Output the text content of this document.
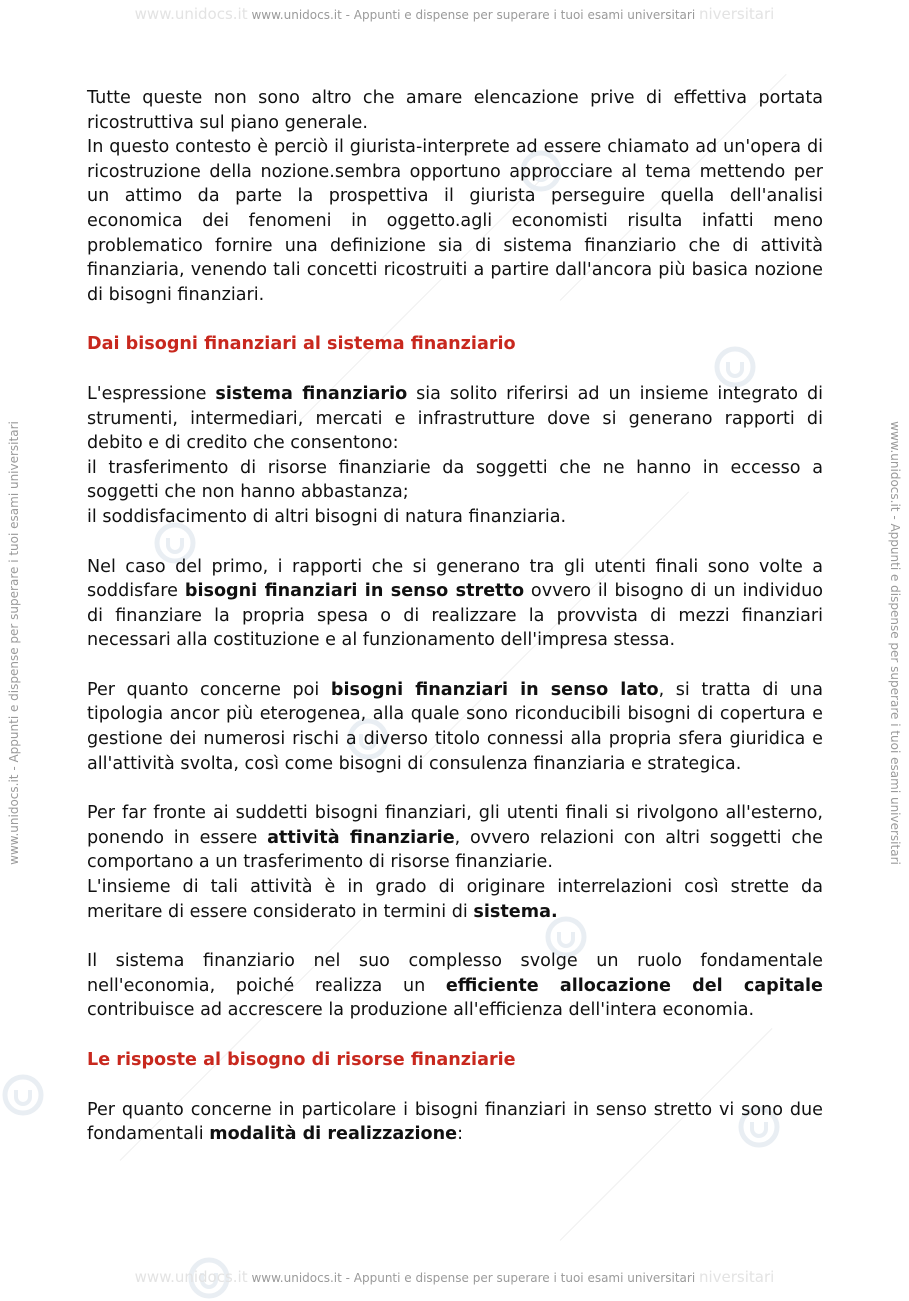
www.unidocs.it www.unidocs.it - Appunti e dispense per superare i tuoi esami universitari niversitari
www.unidocs.it www.unidocs.it - Appunti e dispense per superare i tuoi esami universitari niversitari
www.unidocs.it - Appunti e dispense per superare i tuoi esami universitari	www.unidocs.it - Appunti e dispense per superare i tuoi esami universitari

Tutte queste non sono altro che amare elencazione prive di effettiva portata ricostruttiva sul piano generale.

In questo contesto è perciò il giurista-interprete ad essere chiamato ad un'opera di ricostruzione della nozione.sembra opportuno approcciare al tema mettendo per un attimo da parte la prospettiva il giurista perseguire quella dell'analisi economica dei fenomeni in oggetto.agli economisti risulta infatti meno problematico fornire una definizione sia di sistema finanziario che di attività finanziaria, venendo tali concetti ricostruiti a partire dall'ancora più basica nozione di bisogni finanziari.

Dai bisogni finanziari al sistema finanziario

L'espressione sistema finanziario sia solito riferirsi ad un insieme integrato di strumenti, intermediari, mercati e infrastrutture dove si generano rapporti di debito e di credito che consentono:

il trasferimento di risorse finanziarie da soggetti che ne hanno in eccesso a soggetti che non hanno abbastanza;

il soddisfacimento di altri bisogni di natura finanziaria.

Nel caso del primo, i rapporti che si generano tra gli utenti finali sono volte a soddisfare bisogni finanziari in senso stretto ovvero il bisogno di un individuo di finanziare la propria spesa o di realizzare la provvista di mezzi finanziari necessari alla costituzione e al funzionamento dell'impresa stessa.

Per quanto concerne poi bisogni finanziari in senso lato, si tratta di una tipologia ancor più eterogenea, alla quale sono riconducibili bisogni di copertura e gestione dei numerosi rischi a diverso titolo connessi alla propria sfera giuridica e all'attività svolta, così come bisogni di consulenza finanziaria e strategica.

Per far fronte ai suddetti bisogni finanziari, gli utenti finali si rivolgono all'esterno, ponendo in essere attività finanziarie, ovvero relazioni con altri soggetti che comportano a un trasferimento di risorse finanziarie.

L'insieme di tali attività è in grado di originare interrelazioni così strette da meritare di essere considerato in termini di sistema.

Il sistema finanziario nel suo complesso svolge un ruolo fondamentale nell'economia, poiché realizza un efficiente allocazione del capitale contribuisce ad accrescere la produzione all'efficienza dell'intera economia.

Le risposte al bisogno di risorse finanziarie

Per quanto concerne in particolare i bisogni finanziari in senso stretto vi sono due fondamentali modalità di realizzazione:
